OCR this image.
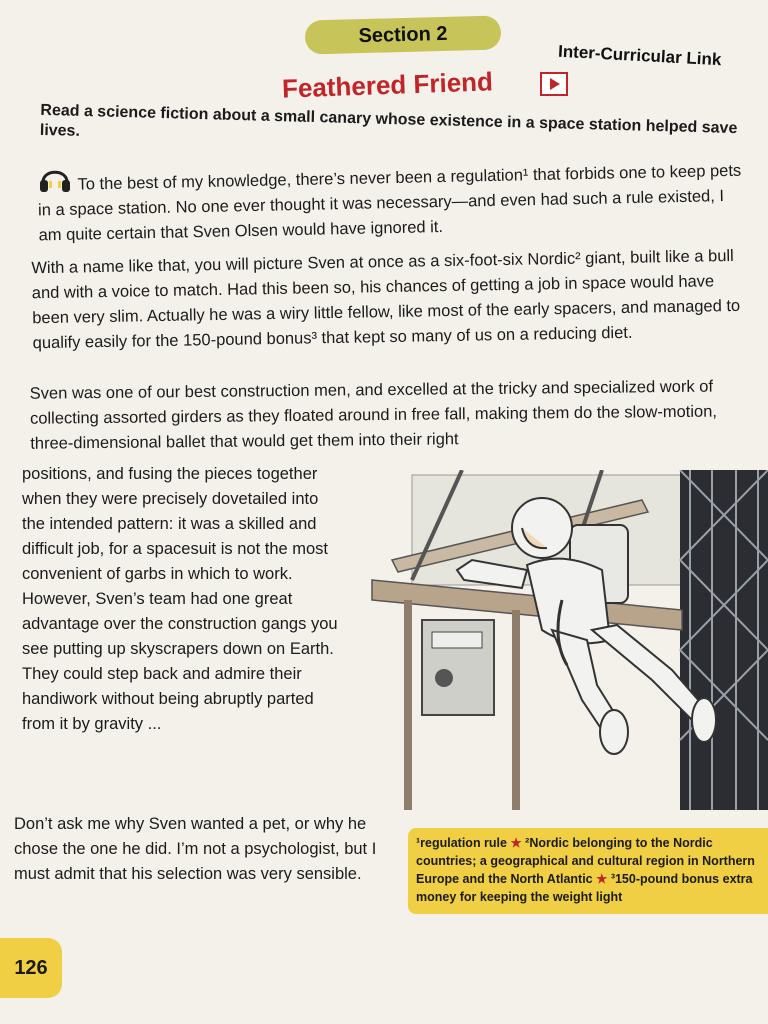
Section 2
Inter-Curricular Link
Feathered Friend
Read a science fiction about a small canary whose existence in a space station helped save lives.
To the best of my knowledge, there’s never been a regulation¹ that forbids one to keep pets in a space station. No one ever thought it was necessary—and even had such a rule existed, I am quite certain that Sven Olsen would have ignored it.
With a name like that, you will picture Sven at once as a six-foot-six Nordic² giant, built like a bull and with a voice to match. Had this been so, his chances of getting a job in space would have been very slim. Actually he was a wiry little fellow, like most of the early spacers, and managed to qualify easily for the 150-pound bonus³ that kept so many of us on a reducing diet.
Sven was one of our best construction men, and excelled at the tricky and specialized work of collecting assorted girders as they floated around in free fall, making them do the slow-motion, three-dimensional ballet that would get them into their right
positions, and fusing the pieces together when they were precisely dovetailed into the intended pattern: it was a skilled and difficult job, for a spacesuit is not the most convenient of garbs in which to work. However, Sven’s team had one great advantage over the construction gangs you see putting up skyscrapers down on Earth. They could step back and admire their handiwork without being abruptly parted from it by gravity ...
Don’t ask me why Sven wanted a pet, or why he chose the one he did. I’m not a psychologist, but I must admit that his selection was very sensible.
¹regulation rule ★ ²Nordic belonging to the Nordic countries; a geographical and cultural region in Northern Europe and the North Atlantic ★ ³150-pound bonus extra money for keeping the weight light
126
